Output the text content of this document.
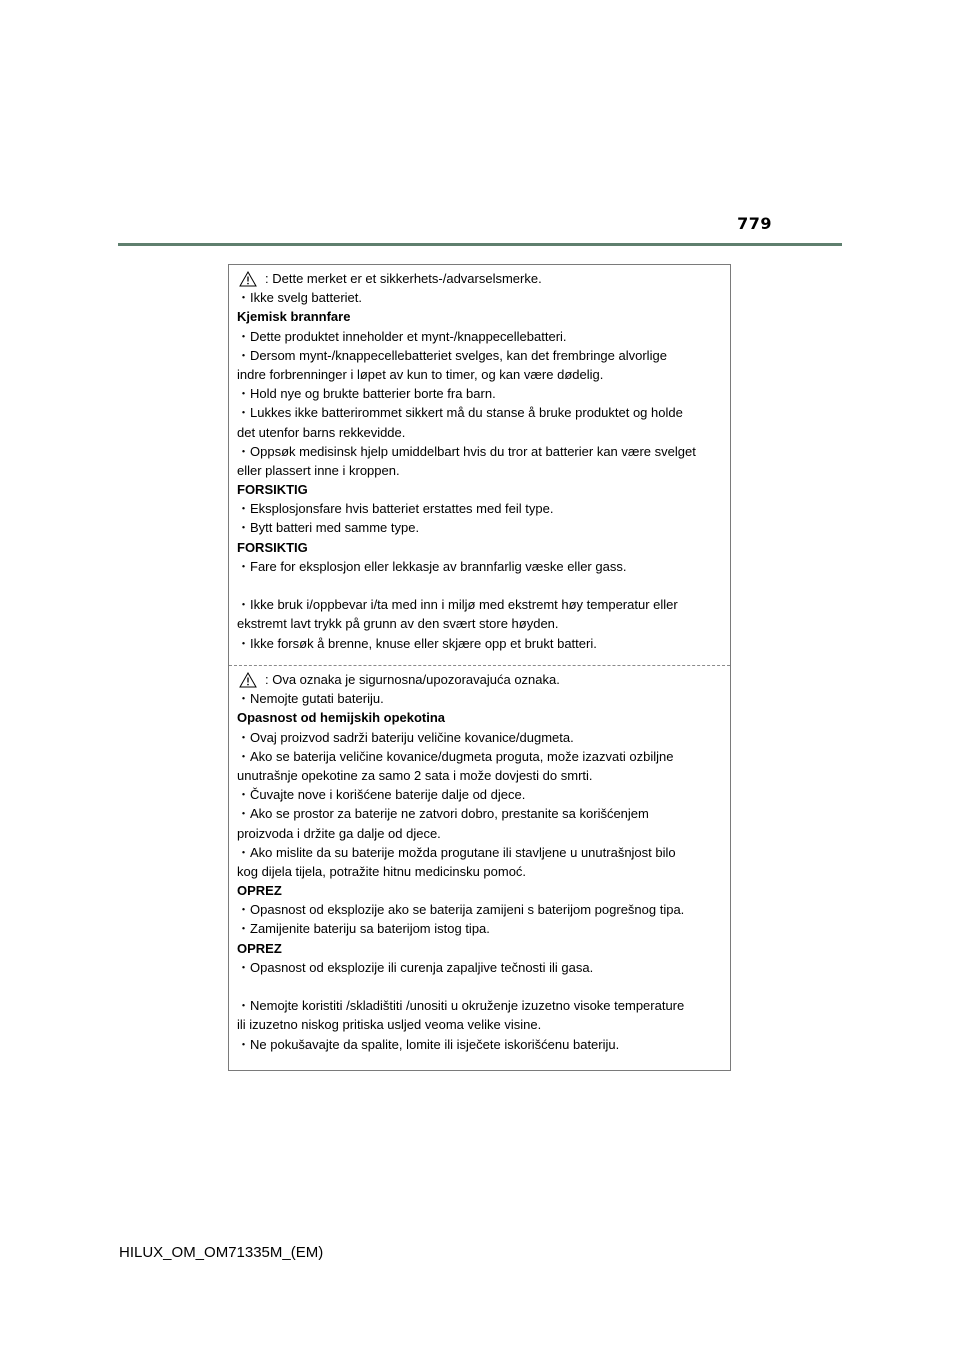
779
: Dette merket er et sikkerhets-/advarselsmerke.
・Ikke svelg batteriet.
Kjemisk brannfare
・Dette produktet inneholder et mynt-/knappecellebatteri.
・Dersom mynt-/knappecellebatteriet svelges, kan det frembringe alvorlige
indre forbrenninger i løpet av kun to timer, og kan være dødelig.
・Hold nye og brukte batterier borte fra barn.
・Lukkes ikke batterirommet sikkert må du stanse å bruke produktet og holde
det utenfor barns rekkevidde.
・Oppsøk medisinsk hjelp umiddelbart hvis du tror at batterier kan være svelget
eller plassert inne i kroppen.
FORSIKTIG
・Eksplosjonsfare hvis batteriet erstattes med feil type.
・Bytt batteri med samme type.
FORSIKTIG
・Fare for eksplosjon eller lekkasje av brannfarlig væske eller gass.
・Ikke bruk i/oppbevar i/ta med inn i miljø med ekstremt høy temperatur eller
ekstremt lavt trykk på grunn av den svært store høyden.
・Ikke forsøk å brenne, knuse eller skjære opp et brukt batteri.
: Ova oznaka je sigurnosna/upozoravajuća oznaka.
・Nemojte gutati bateriju.
Opasnost od hemijskih opekotina
・Ovaj proizvod sadrži bateriju veličine kovanice/dugmeta.
・Ako se baterija veličine kovanice/dugmeta proguta, može izazvati ozbiljne
unutrašnje opekotine za samo 2 sata i može dovjesti do smrti.
・Čuvajte nove i korišćene baterije dalje od djece.
・Ako se prostor za baterije ne zatvori dobro, prestanite sa korišćenjem
proizvoda i držite ga dalje od djece.
・Ako mislite da su baterije možda progutane ili stavljene u unutrašnjost bilo
kog dijela tijela, potražite hitnu medicinsku pomoć.
OPREZ
・Opasnost od eksplozije ako se baterija zamijeni s baterijom pogrešnog tipa.
・Zamijenite bateriju sa baterijom istog tipa.
OPREZ
・Opasnost od eksplozije ili curenja zapaljive tečnosti ili gasa.
・Nemojte koristiti /skladištiti /unositi u okruženje izuzetno visoke temperature
ili izuzetno niskog pritiska usljed veoma velike visine.
・Ne pokušavajte da spalite, lomite ili isječete iskorišćenu bateriju.
HILUX_OM_OM71335M_(EM)
